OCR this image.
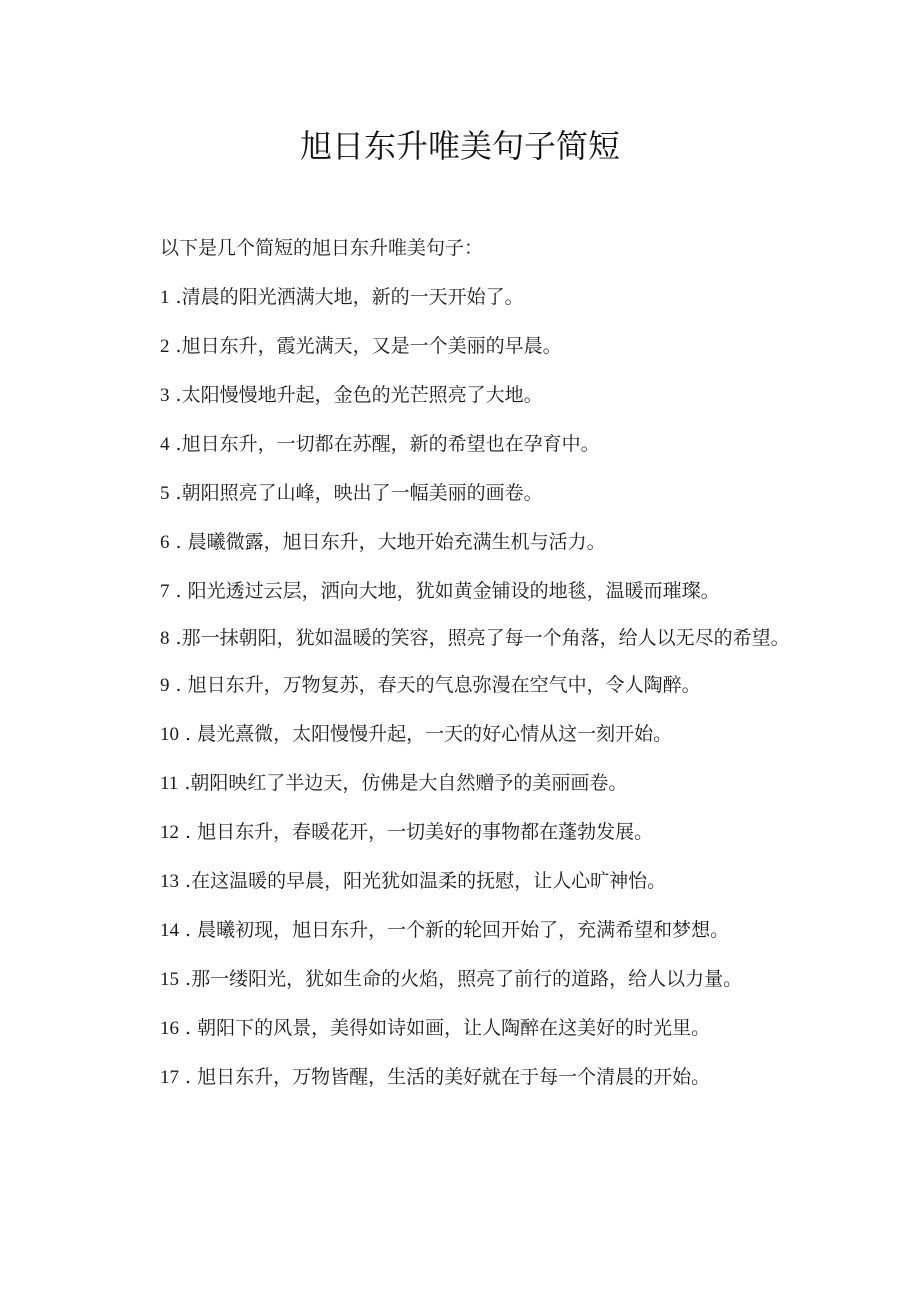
旭日东升唯美句子简短

以下是几个简短的旭日东升唯美句子：

1 .清晨的阳光洒满大地，新的一天开始了。

2 .旭日东升，霞光满天，又是一个美丽的早晨。

3 .太阳慢慢地升起，金色的光芒照亮了大地。

4 .旭日东升，一切都在苏醒，新的希望也在孕育中。

5 .朝阳照亮了山峰，映出了一幅美丽的画卷。

6 . 晨曦微露，旭日东升，大地开始充满生机与活力。

7 . 阳光透过云层，洒向大地，犹如黄金铺设的地毯，温暖而璀璨。

8 .那一抹朝阳，犹如温暖的笑容，照亮了每一个角落，给人以无尽的希望。

9 . 旭日东升，万物复苏，春天的气息弥漫在空气中，令人陶醉。

10 . 晨光熹微，太阳慢慢升起，一天的好心情从这一刻开始。

11 .朝阳映红了半边天，仿佛是大自然赠予的美丽画卷。

12 . 旭日东升，春暖花开，一切美好的事物都在蓬勃发展。

13 .在这温暖的早晨，阳光犹如温柔的抚慰，让人心旷神怡。

14 . 晨曦初现，旭日东升，一个新的轮回开始了，充满希望和梦想。

15 .那一缕阳光，犹如生命的火焰，照亮了前行的道路，给人以力量。

16 . 朝阳下的风景，美得如诗如画，让人陶醉在这美好的时光里。

17 . 旭日东升，万物皆醒，生活的美好就在于每一个清晨的开始。
